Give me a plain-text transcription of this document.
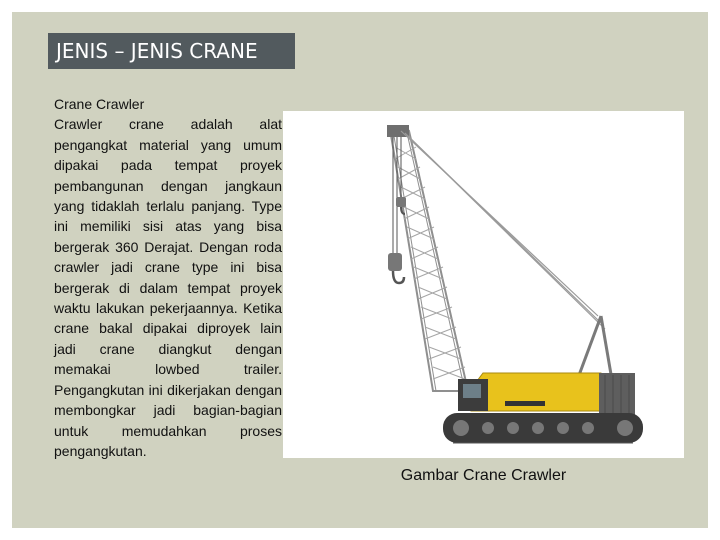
JENIS – JENIS CRANE
Crane Crawler
Crawler crane adalah alat pengangkat material yang umum dipakai pada tempat proyek pembangunan dengan jangkaun yang tidaklah terlalu panjang. Type ini memiliki sisi atas yang bisa bergerak 360 Derajat. Dengan roda crawler jadi crane type ini bisa bergerak di dalam tempat proyek waktu lakukan pekerjaannya. Ketika crane bakal dipakai diproyek lain jadi crane diangkut dengan memakai lowbed trailer. Pengangkutan ini dikerjakan dengan membongkar jadi bagian-bagian untuk memudahkan proses pengangkutan.
Gambar Crane Crawler
